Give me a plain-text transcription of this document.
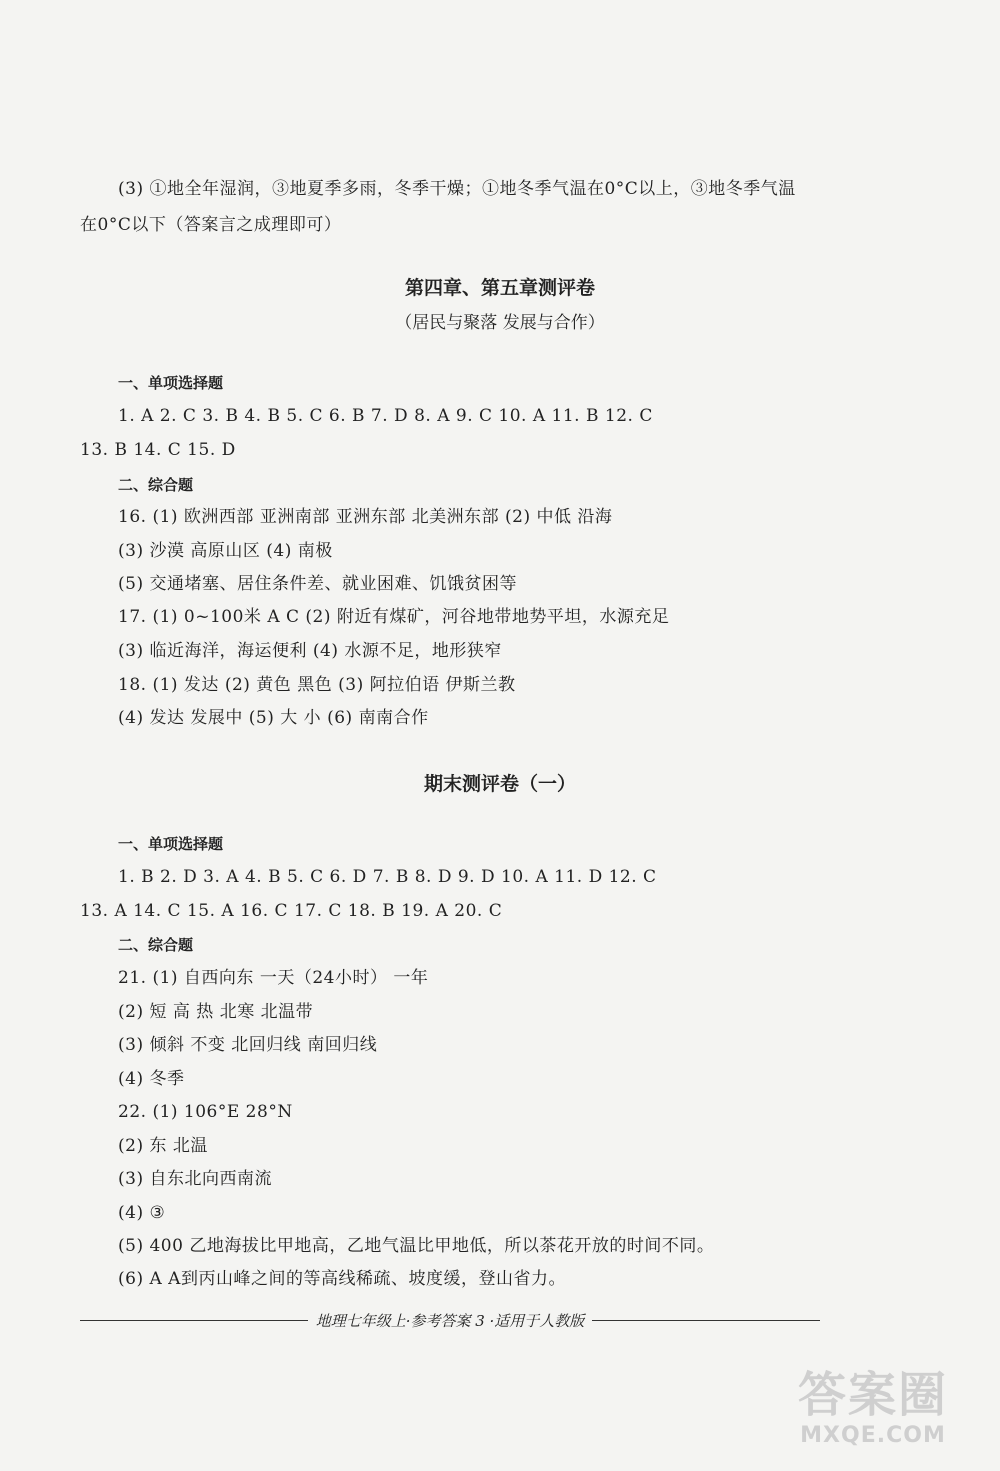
(3) ①地全年湿润，③地夏季多雨，冬季干燥；①地冬季气温在0°C以上，③地冬季气温
在0°C以下（答案言之成理即可）
第四章、第五章测评卷
（居民与聚落 发展与合作）
一、单项选择题
1. A 2. C 3. B 4. B 5. C 6. B 7. D 8. A 9. C 10. A 11. B 12. C
13. B 14. C 15. D
二、综合题
16. (1) 欧洲西部 亚洲南部 亚洲东部 北美洲东部 (2) 中低 沿海
(3) 沙漠 高原山区 (4) 南极
(5) 交通堵塞、居住条件差、就业困难、饥饿贫困等
17. (1) 0~100米 A C (2) 附近有煤矿，河谷地带地势平坦，水源充足
(3) 临近海洋，海运便利 (4) 水源不足，地形狭窄
18. (1) 发达 (2) 黄色 黑色 (3) 阿拉伯语 伊斯兰教
(4) 发达 发展中 (5) 大 小 (6) 南南合作
期末测评卷（一）
一、单项选择题
1. B 2. D 3. A 4. B 5. C 6. D 7. B 8. D 9. D 10. A 11. D 12. C
13. A 14. C 15. A 16. C 17. C 18. B 19. A 20. C
二、综合题
21. (1) 自西向东 一天（24小时） 一年
(2) 短 高 热 北寒 北温带
(3) 倾斜 不变 北回归线 南回归线
(4) 冬季
22. (1) 106°E 28°N
(2) 东 北温
(3) 自东北向西南流
(4) ③
(5) 400 乙地海拔比甲地高，乙地气温比甲地低，所以茶花开放的时间不同。
(6) A A到丙山峰之间的等高线稀疏、坡度缓，登山省力。
地理七年级上·参考答案 3 ·适用于人教版
答案圈
MXQE.COM
